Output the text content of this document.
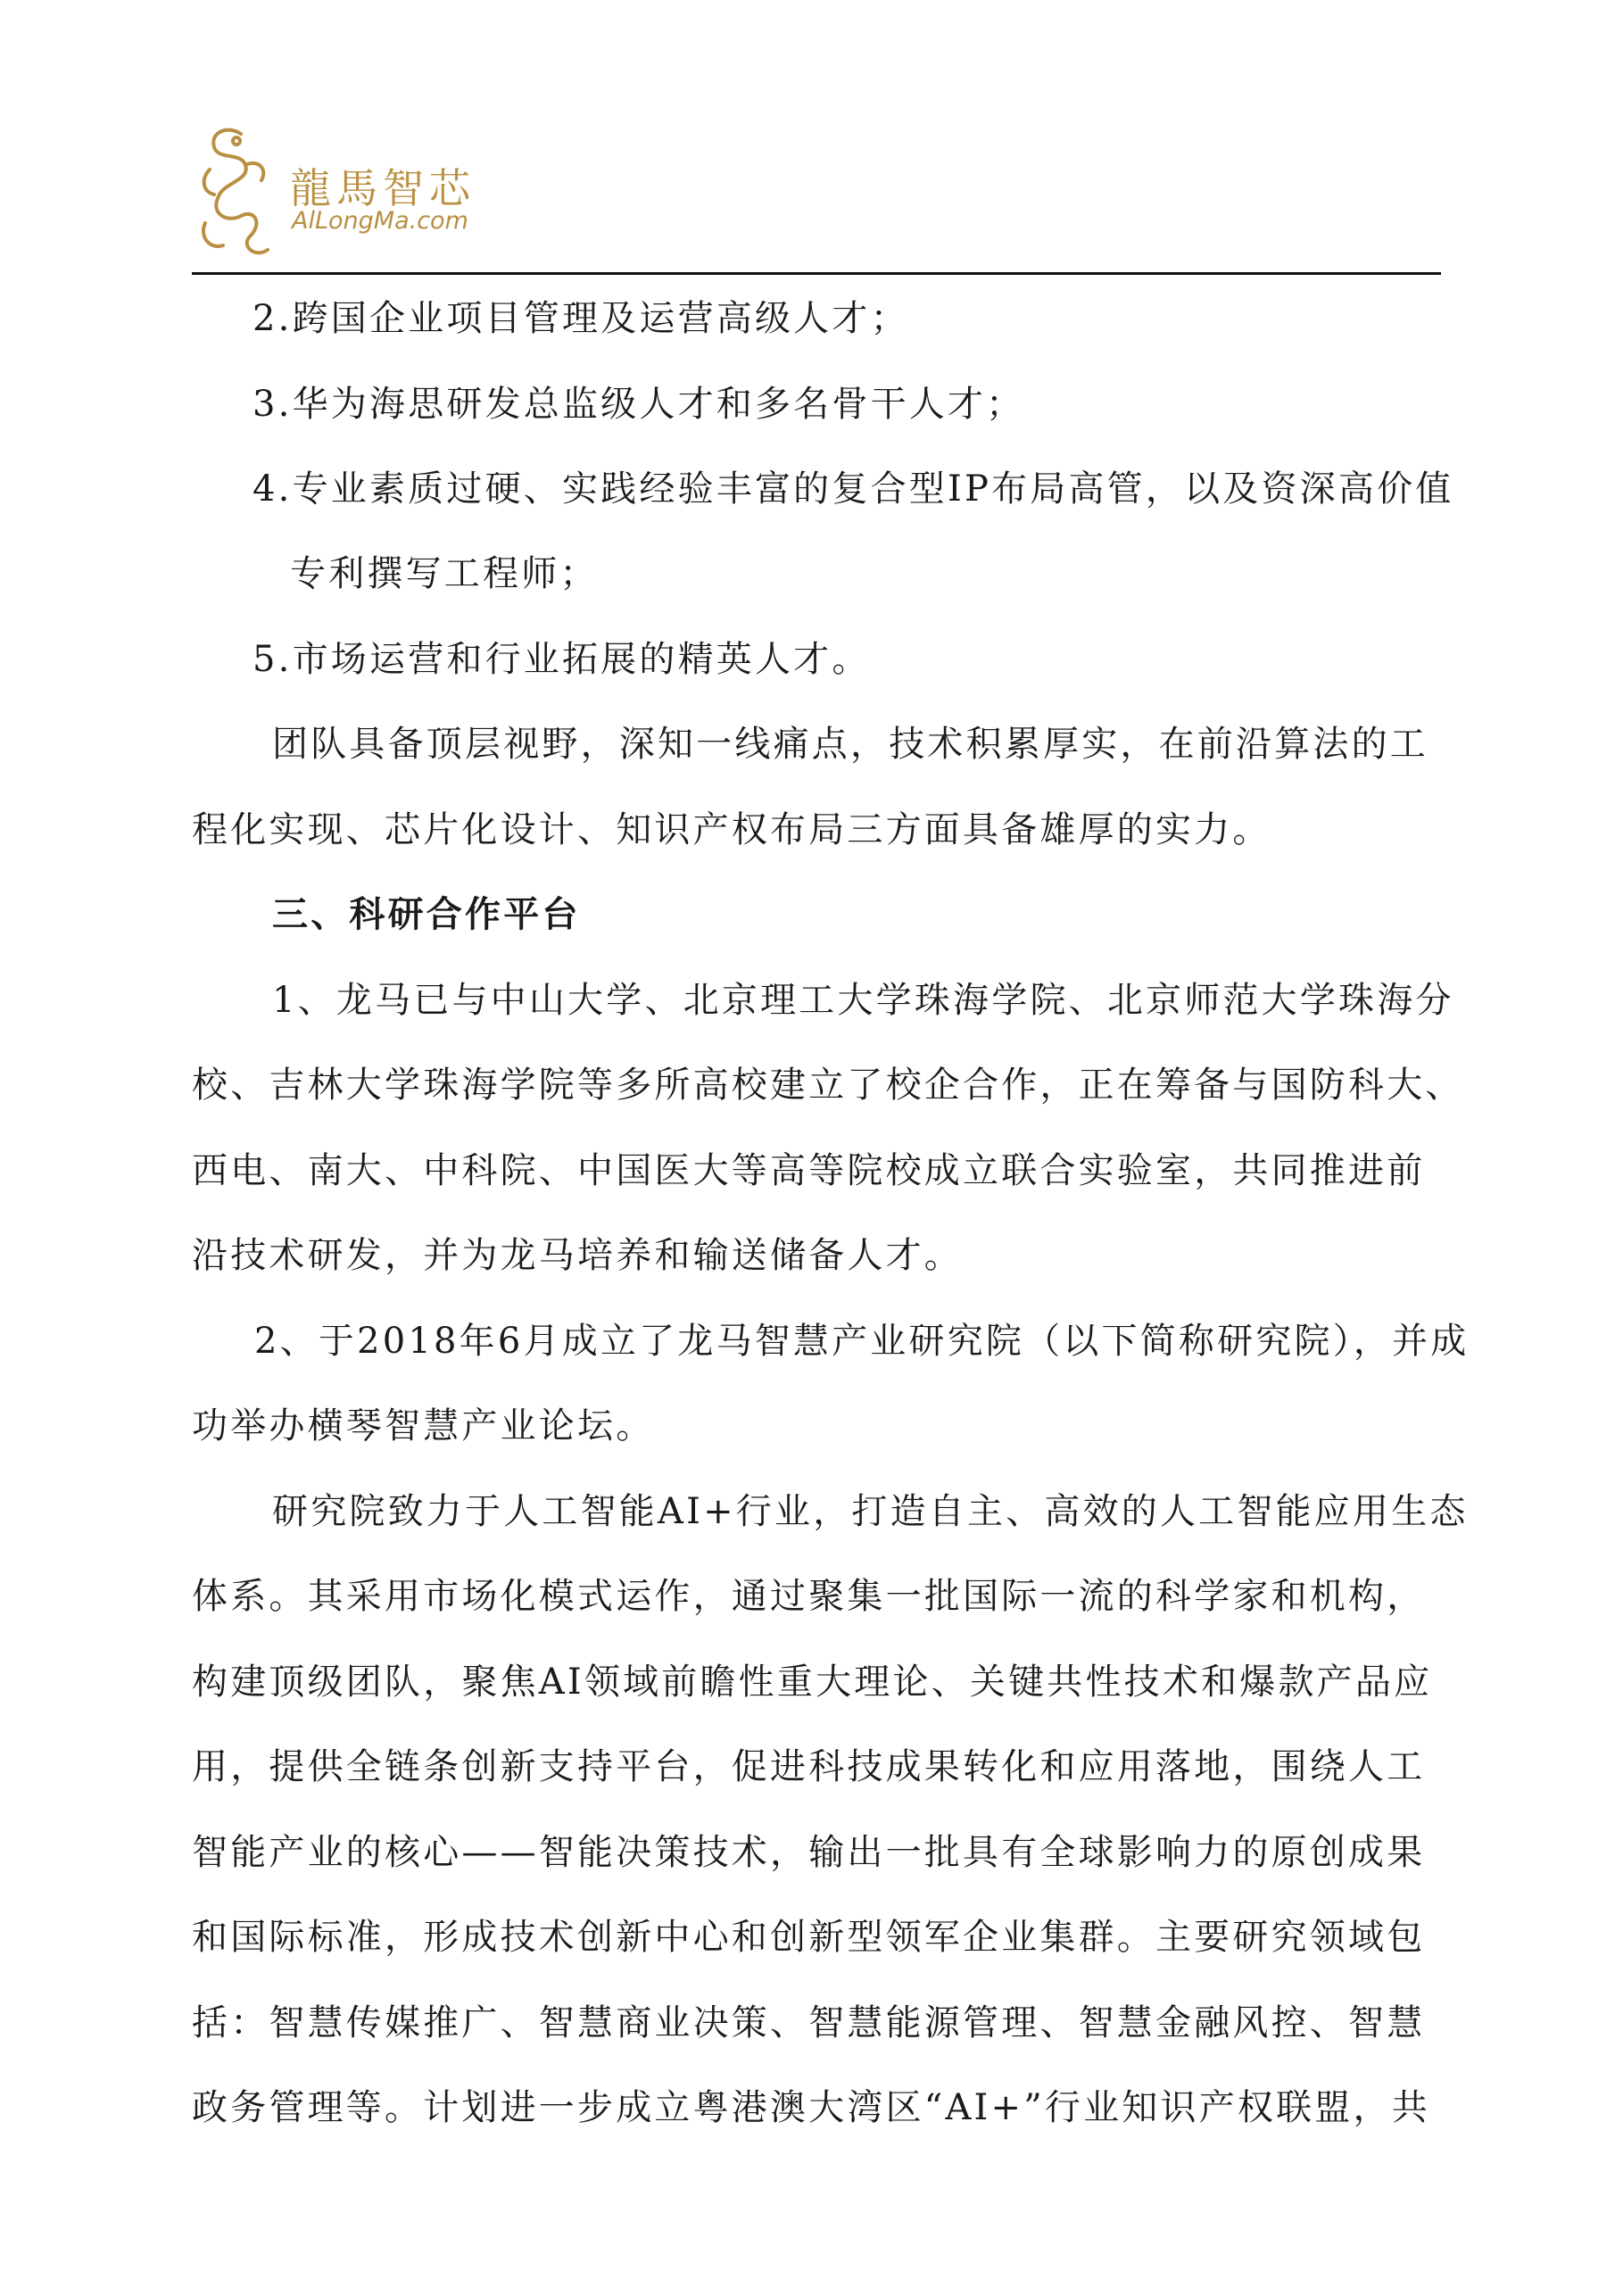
龍馬智芯
AlLongMa.com
2.跨国企业项目管理及运营高级人才；
3.华为海思研发总监级人才和多名骨干人才；
4.专业素质过硬、实践经验丰富的复合型IP布局高管，以及资深高价值
专利撰写工程师；
5.市场运营和行业拓展的精英人才。
团队具备顶层视野，深知一线痛点，技术积累厚实，在前沿算法的工
程化实现、芯片化设计、知识产权布局三方面具备雄厚的实力。
三、科研合作平台
1、龙马已与中山大学、北京理工大学珠海学院、北京师范大学珠海分
校、吉林大学珠海学院等多所高校建立了校企合作，正在筹备与国防科大、
西电、南大、中科院、中国医大等高等院校成立联合实验室，共同推进前
沿技术研发，并为龙马培养和输送储备人才。
2、于2018年6月成立了龙马智慧产业研究院（以下简称研究院），并成
功举办横琴智慧产业论坛。
研究院致力于人工智能AI+行业，打造自主、高效的人工智能应用生态
体系。其采用市场化模式运作，通过聚集一批国际一流的科学家和机构，
构建顶级团队，聚焦AI领域前瞻性重大理论、关键共性技术和爆款产品应
用，提供全链条创新支持平台，促进科技成果转化和应用落地，围绕人工
智能产业的核心——智能决策技术，输出一批具有全球影响力的原创成果
和国际标准，形成技术创新中心和创新型领军企业集群。主要研究领域包
括：智慧传媒推广、智慧商业决策、智慧能源管理、智慧金融风控、智慧
政务管理等。计划进一步成立粤港澳大湾区“AI+”行业知识产权联盟，共
